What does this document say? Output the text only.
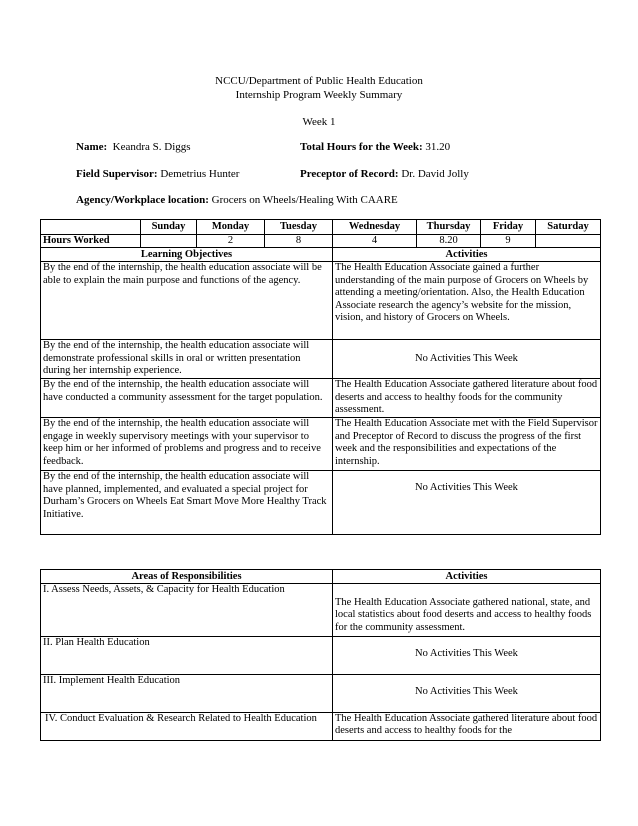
NCCU/Department of Public Health Education
Internship Program Weekly Summary
Week 1
Name: Keandra S. Diggs	Total Hours for the Week: 31.20
Field Supervisor: Demetrius Hunter	Preceptor of Record: Dr. David Jolly
Agency/Workplace location: Grocers on Wheels/Healing With CAARE
	Sunday	Monday	Tuesday	Wednesday	Thursday	Friday	Saturday
Hours Worked		2	8	4	8.20	9	
Learning Objectives				Activities			
By the end of the internship, the health education associate will be able to explain the main purpose and functions of the agency.				The Health Education Associate gained a further understanding of the main purpose of Grocers on Wheels by attending a meeting/orientation. Also, the Health Education Associate research the agency’s website for the mission, vision, and history of Grocers on Wheels.			
By the end of the internship, the health education associate will demonstrate professional skills in oral or written presentation during her internship experience.				No Activities This Week			
By the end of the internship, the health education associate will have conducted a community assessment for the target population.				The Health Education Associate gathered literature about food deserts and access to healthy foods for the community assessment.			
By the end of the internship, the health education associate will engage in weekly supervisory meetings with your supervisor to keep him or her informed of problems and progress and to receive feedback.				The Health Education Associate met with the Field Supervisor and Preceptor of Record to discuss the progress of the first week and the responsibilities and expectations of the internship.			
By the end of the internship, the health education associate will have planned, implemented, and evaluated a special project for Durham’s Grocers on Wheels Eat Smart Move More Healthy Track Initiative.				No Activities This Week			
Areas of Responsibilities	Activities
I. Assess Needs, Assets, & Capacity for Health Education	The Health Education Associate gathered national, state, and local statistics about food deserts and access to healthy foods for the community assessment.
II. Plan Health Education	No Activities This Week
III. Implement Health Education	No Activities This Week

IV. Conduct Evaluation & Research Related to Health Education	The Health Education Associate gathered literature about food deserts and access to healthy foods for the
